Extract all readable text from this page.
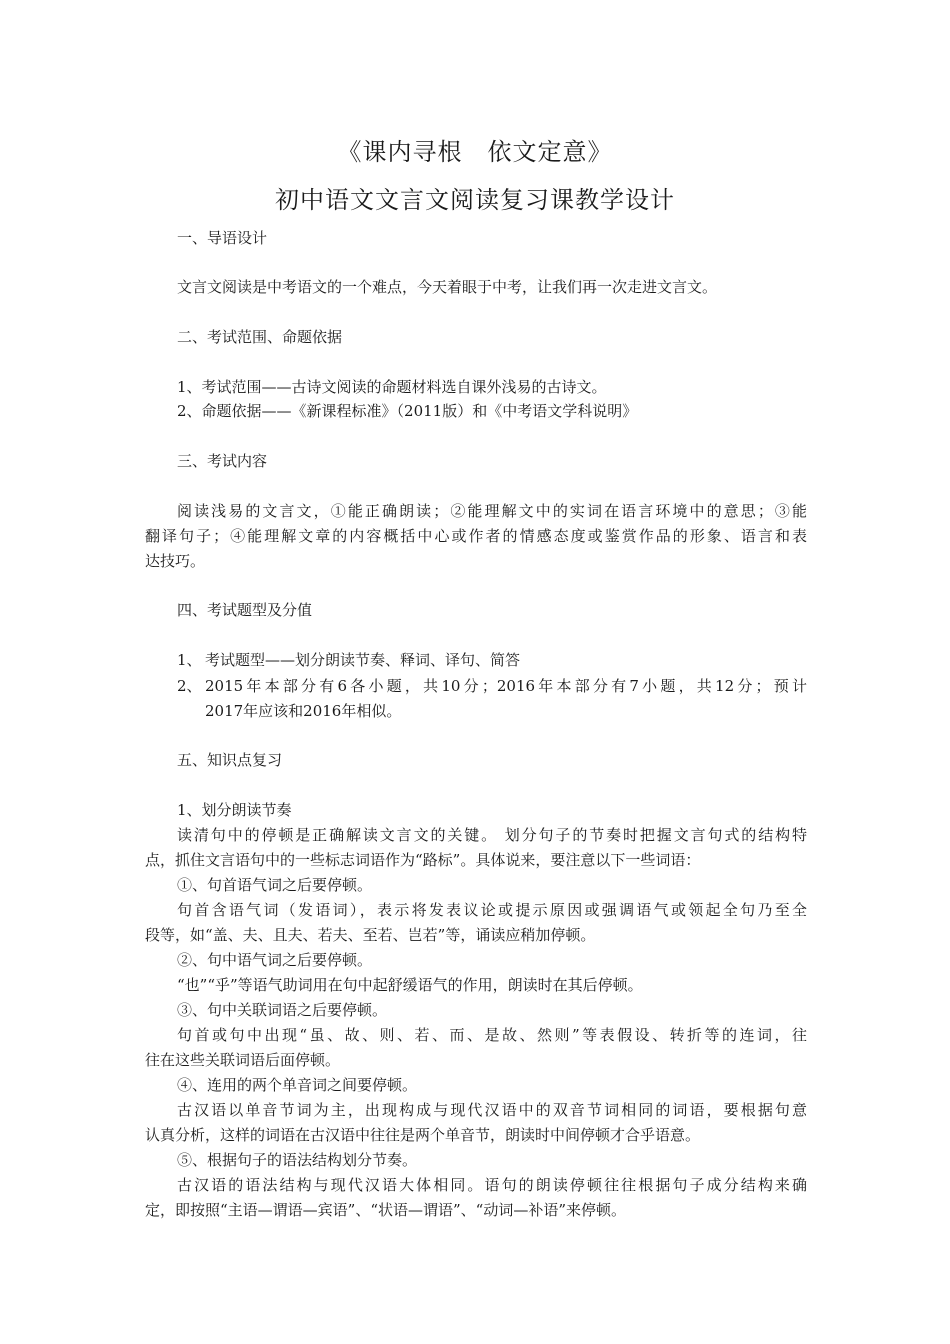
《课内寻根　依文定意》
初中语文文言文阅读复习课教学设计
一、导语设计
文言文阅读是中考语文的一个难点，今天着眼于中考，让我们再一次走进文言文。
二、考试范围、命题依据
1、考试范围——古诗文阅读的命题材料选自课外浅易的古诗文。
2、命题依据——《新课程标准》（2011版）和《中考语文学科说明》
三、考试内容
阅读浅易的文言文，①能正确朗读；②能理解文中的实词在语言环境中的意思；③能
翻译句子；④能理解文章的内容概括中心或作者的情感态度或鉴赏作品的形象、语言和表
达技巧。
四、考试题型及分值
1、 考试题型——划分朗读节奏、释词、译句、简答
2、 2015年本部分有6各小题，共10分；2016年本部分有7小题，共12分；预计
2017年应该和2016年相似。
五、知识点复习
1、划分朗读节奏
读清句中的停顿是正确解读文言文的关键。 划分句子的节奏时把握文言句式的结构特
点，抓住文言语句中的一些标志词语作为“路标”。具体说来，要注意以下一些词语：
①、句首语气词之后要停顿。
句首含语气词（发语词），表示将发表议论或提示原因或强调语气或领起全句乃至全
段等，如“盖、夫、且夫、若夫、至若、岂若”等，诵读应稍加停顿。
②、句中语气词之后要停顿。
“也”“乎”等语气助词用在句中起舒缓语气的作用，朗读时在其后停顿。
③、句中关联词语之后要停顿。
句首或句中出现“虽、故、则、若、而、是故、然则”等表假设、转折等的连词，往
往在这些关联词语后面停顿。
④、连用的两个单音词之间要停顿。
古汉语以单音节词为主，出现构成与现代汉语中的双音节词相同的词语，要根据句意
认真分析，这样的词语在古汉语中往往是两个单音节，朗读时中间停顿才合乎语意。
⑤、根据句子的语法结构划分节奏。
古汉语的语法结构与现代汉语大体相同。语句的朗读停顿往往根据句子成分结构来确
定，即按照“主语—谓语—宾语”、“状语—谓语”、“动词—补语”来停顿。
